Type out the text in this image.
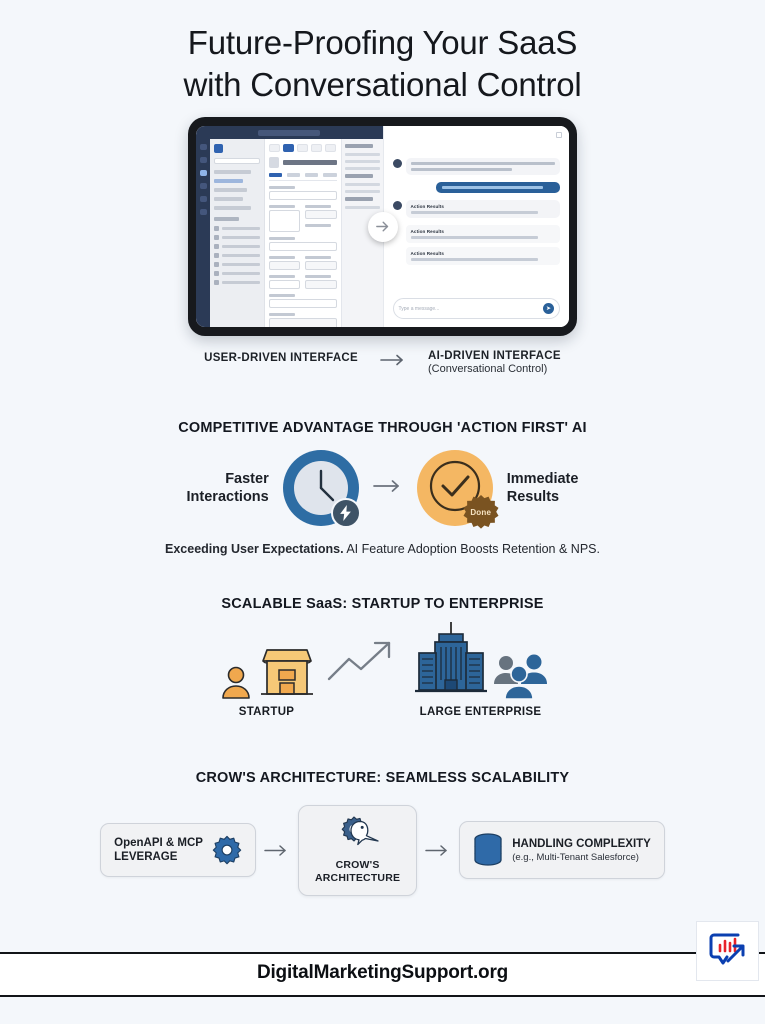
Future-Proofing Your SaaS
with Conversational Control
Action Results
Action Results
Action Results
Type a message...	➤
USER-DRIVEN INTERFACE	AI-DRIVEN INTERFACE
(Conversational Control)
COMPETITIVE ADVANTAGE THROUGH 'ACTION FIRST' AI
Faster
Interactions
Done
Immediate
Results
Exceeding User Expectations. AI Feature Adoption Boosts Retention & NPS.
SCALABLE SaaS: STARTUP TO ENTERPRISE
STARTUP	LARGE ENTERPRISE
CROW'S ARCHITECTURE: SEAMLESS SCALABILITY
OpenAPI & MCP
LEVERAGE
CROW'S
ARCHITECTURE
HANDLING COMPLEXITY
(e.g., Multi-Tenant Salesforce)
DigitalMarketingSupport.org
